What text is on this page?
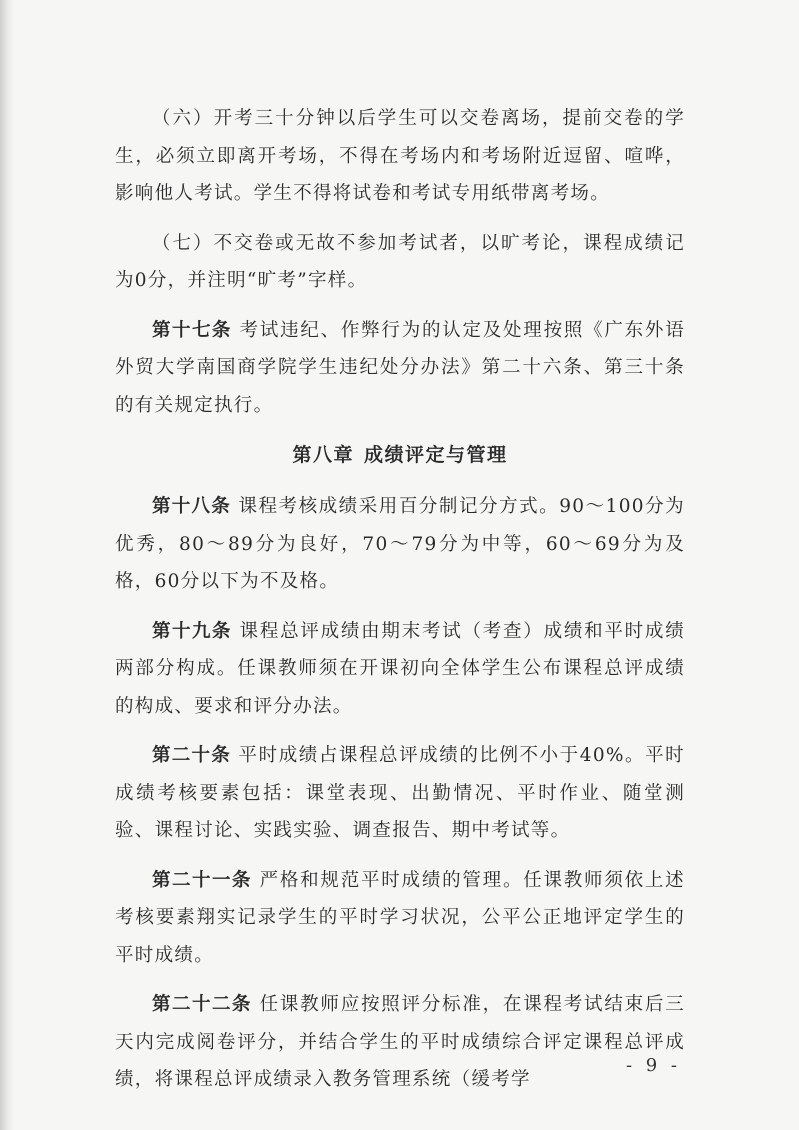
（六）开考三十分钟以后学生可以交卷离场，提前交卷的学生，必须立即离开考场，不得在考场内和考场附近逗留、喧哗，影响他人考试。学生不得将试卷和考试专用纸带离考场。

（七）不交卷或无故不参加考试者，以旷考论，课程成绩记为0分，并注明“旷考”字样。

第十七条 考试违纪、作弊行为的认定及处理按照《广东外语外贸大学南国商学院学生违纪处分办法》第二十六条、第三十条的有关规定执行。

第八章 成绩评定与管理

第十八条 课程考核成绩采用百分制记分方式。90～100分为优秀，80～89分为良好，70～79分为中等，60～69分为及格，60分以下为不及格。

第十九条 课程总评成绩由期末考试（考查）成绩和平时成绩两部分构成。任课教师须在开课初向全体学生公布课程总评成绩的构成、要求和评分办法。

第二十条 平时成绩占课程总评成绩的比例不小于40%。平时成绩考核要素包括：课堂表现、出勤情况、平时作业、随堂测验、课程讨论、实践实验、调查报告、期中考试等。

第二十一条 严格和规范平时成绩的管理。任课教师须依上述考核要素翔实记录学生的平时学习状况，公平公正地评定学生的平时成绩。

第二十二条 任课教师应按照评分标准，在课程考试结束后三天内完成阅卷评分，并结合学生的平时成绩综合评定课程总评成绩，将课程总评成绩录入教务管理系统（缓考学

- 9 -
